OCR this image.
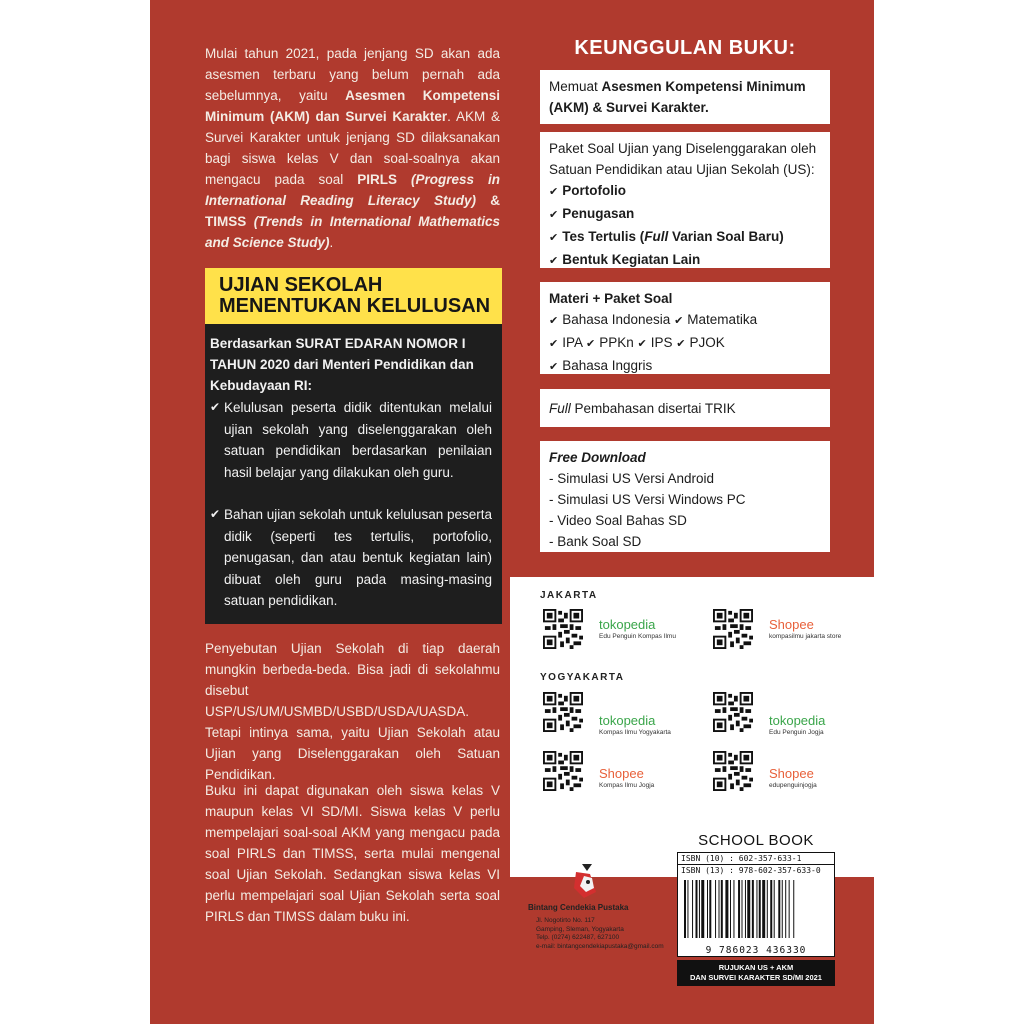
Mulai tahun 2021, pada jenjang SD akan ada asesmen terbaru yang belum pernah ada sebelumnya, yaitu Asesmen Kompetensi Minimum (AKM) dan Survei Karakter. AKM & Survei Karakter untuk jenjang SD dilaksanakan bagi siswa kelas V dan soal-soalnya akan mengacu pada soal PIRLS (Progress in International Reading Literacy Study) & TIMSS (Trends in International Mathematics and Science Study).
UJIAN SEKOLAH
MENENTUKAN KELULUSAN
Berdasarkan SURAT EDARAN NOMOR I TAHUN 2020 dari Menteri Pendidikan dan Kebudayaan RI:
✔ Kelulusan peserta didik ditentukan melalui ujian sekolah yang diselenggarakan oleh satuan pendidikan berdasarkan penilaian hasil belajar yang dilakukan oleh guru.
✔ Bahan ujian sekolah untuk kelulusan peserta didik (seperti tes tertulis, portofolio, penugasan, dan atau bentuk kegiatan lain) dibuat oleh guru pada masing-masing satuan pendidikan.
Penyebutan Ujian Sekolah di tiap daerah mungkin berbeda-beda. Bisa jadi di sekolahmu disebut USP/US/UM/USMBD/USBD/USDA/UASDA. Tetapi intinya sama, yaitu Ujian Sekolah atau Ujian yang Diselenggarakan oleh Satuan Pendidikan.
Buku ini dapat digunakan oleh siswa kelas V maupun kelas VI SD/MI. Siswa kelas V perlu mempelajari soal-soal AKM yang mengacu pada soal PIRLS dan TIMSS, serta mulai mengenal soal Ujian Sekolah. Sedangkan siswa kelas VI perlu mempelajari soal Ujian Sekolah serta soal PIRLS dan TIMSS dalam buku ini.
KEUNGGULAN BUKU:
Memuat Asesmen Kompetensi Minimum (AKM) & Survei Karakter.
Paket Soal Ujian yang Diselenggarakan oleh
Satuan Pendidikan atau Ujian Sekolah (US):
✔ Portofolio
✔ Penugasan
✔ Tes Tertulis (Full Varian Soal Baru)
✔ Bentuk Kegiatan Lain
Materi + Paket Soal
✔ Bahasa Indonesia ✔ Matematika
✔ IPA ✔ PPKn ✔ IPS ✔ PJOK
✔ Bahasa Inggris
Full Pembahasan disertai TRIK
Free Download
- Simulasi US Versi Android
- Simulasi US Versi Windows PC
- Video Soal Bahas SD
- Bank Soal SD
JAKARTA
YOGYAKARTA
tokopedia
Edu Penguin Kompas Ilmu
Shopee
kompasilmu jakarta store
tokopedia
Kompas Ilmu Yogyakarta
tokopedia
Edu Penguin Jogja
Shopee
Kompas Ilmu Jogja
Shopee
edupenguinjogja
Bintang Cendekia Pustaka
Jl. Nogotirto No. 117
Gamping, Sleman, Yogyakarta
Telp. (0274) 622487, 627100
e-mail: bintangcendekiapustaka@gmail.com
SCHOOL BOOK
ISBN (10) : 602-357-633-1
ISBN (13) : 978-602-357-633-0
9 786023 436330
RUJUKAN US + AKM
DAN SURVEI KARAKTER SD/MI 2021
